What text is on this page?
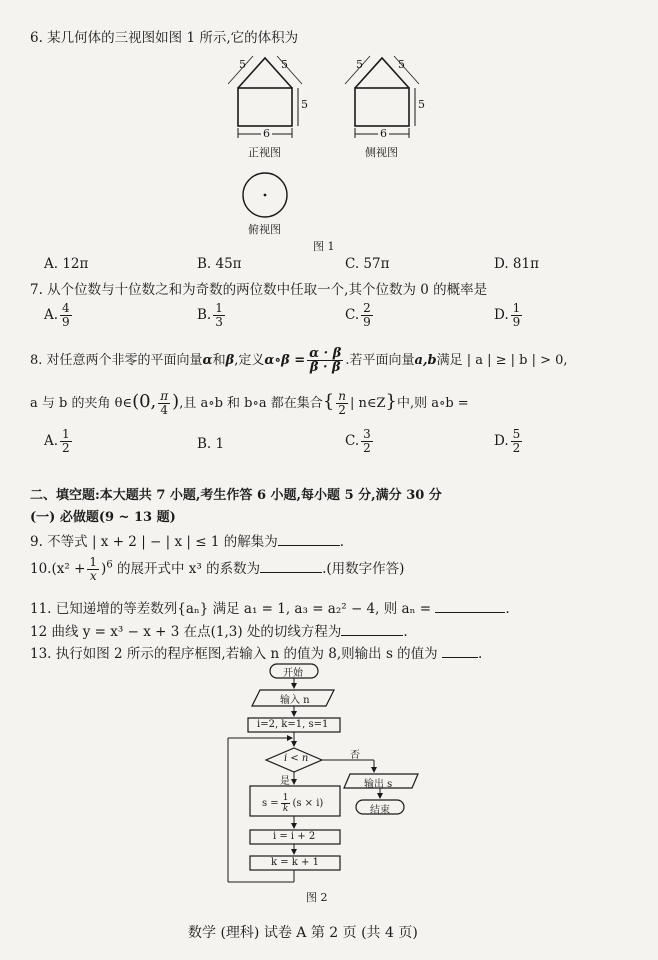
6. 某几何体的三视图如图 1 所示,它的体积为
5	5
5
6
5	5
5
6
正视图	侧视图
俯视图
图 1
A. 12π	B. 45π	C. 57π	D. 81π
7. 从个位数与十位数之和为奇数的两位数中任取一个,其个位数为 0 的概率是
A. $\frac{4}{9}$	B. $\frac{1}{3}$	C. $\frac{2}{9}$	D. $\frac{1}{9}$
8. 对任意两个非零的平面向量α和β,定义α∘β = $\frac{\alpha \cdot \beta}{\beta \cdot \beta}$ .若平面向量a,b满足 | a | ≥ | b | > 0,
a 与 b 的夹角 θ∈(0, $\frac{\pi}{4}$ ),且 a∘b 和 b∘a 都在集合{ $\frac{n}{2}$ | n∈Z}中,则 a∘b =
A. $\frac{1}{2}$	B. 1	C. $\frac{3}{2}$	D. $\frac{5}{2}$
二、填空题:本大题共 7 小题,考生作答 6 小题,每小题 5 分,满分 30 分
(一) 必做题(9 ~ 13 题)
9. 不等式 | x + 2 | − | x | ≤ 1 的解集为	.
$10.(x^2 + \frac{1}{x} )^6$ 的展开式中 x³ 的系数为	.(用数字作答)
11. 已知递增的等差数列{aₙ} 满足 a₁ = 1, a₃ = a₂² − 4, 则 aₙ =	.
12 曲线 y = x³ − x + 3 在点(1,3) 处的切线方程为	.
13. 执行如图 2 所示的程序框图,若输入 n 的值为 8,则输出 s 的值为	.
开始
输入 n
i=2, k=1, s=1
i < n	否
是
$s = \frac{1}{k} (s \times i)$
i = i + 2
k = k + 1
输出 s
结束
图 2
数学 (理科) 试卷 A 第 2 页 (共 4 页)
